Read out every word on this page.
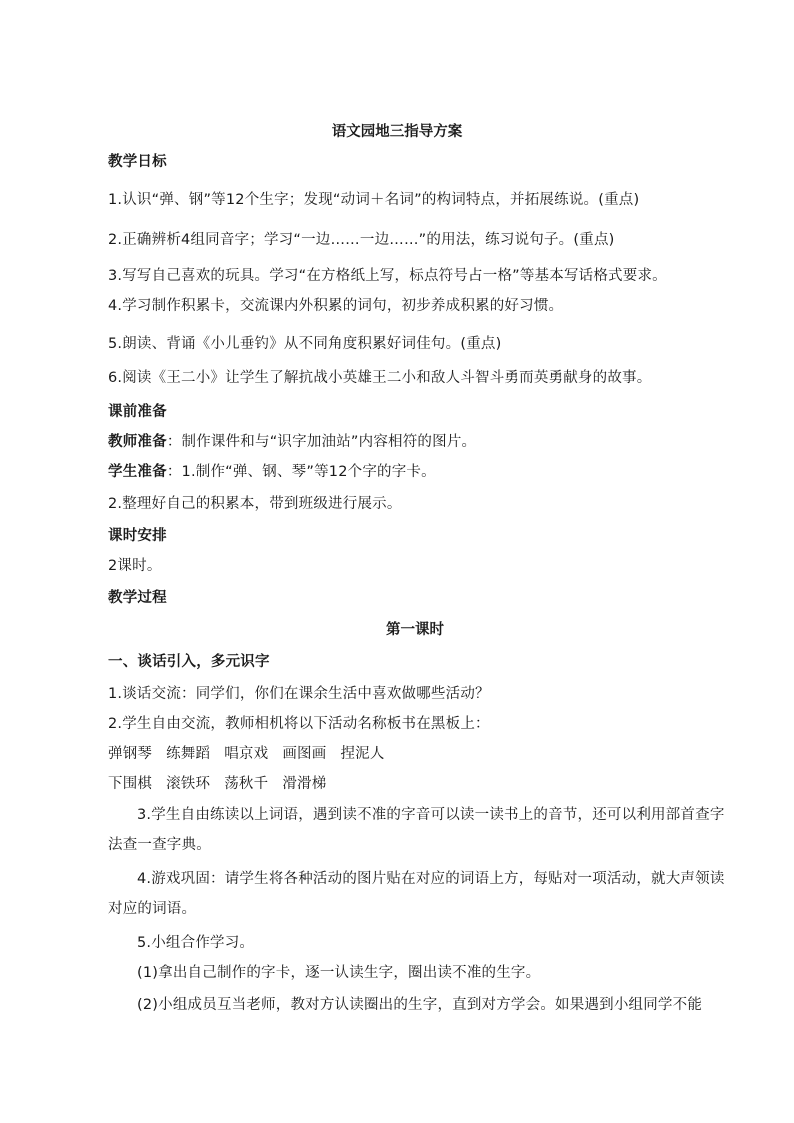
语文园地三指导方案
教学日标
1.认识“弹、钢”等12个生字；发现“动词＋名词”的构词特点，并拓展练说。(重点)
2.正确辨析4组同音字；学习“一边……一边……”的用法，练习说句子。(重点)
3.写写自己喜欢的玩具。学习“在方格纸上写，标点符号占一格”等基本写话格式要求。
4.学习制作积累卡，交流课内外积累的词句，初步养成积累的好习惯。
5.朗读、背诵《小儿垂钓》从不同角度积累好词佳句。(重点)
6.阅读《王二小》让学生了解抗战小英雄王二小和敌人斗智斗勇而英勇献身的故事。
课前准备
教师准备：制作课件和与“识字加油站”内容相符的图片。
学生准备：1.制作“弹、钢、琴”等12个字的字卡。
2.整理好自己的积累本，带到班级进行展示。
课时安排
2课时。
教学过程
第一课时
一、谈话引入，多元识字
1.谈话交流：同学们，你们在课余生活中喜欢做哪些活动？
2.学生自由交流，教师相机将以下活动名称板书在黑板上：
弹钢琴 练舞蹈 唱京戏 画图画 捏泥人
下围棋 滚铁环 荡秋千 滑滑梯
3.学生自由练读以上词语，遇到读不准的字音可以读一读书上的音节，还可以利用部首查字法查一查字典。
4.游戏巩固：请学生将各种活动的图片贴在对应的词语上方，每贴对一项活动，就大声领读对应的词语。
5.小组合作学习。
(1)拿出自己制作的字卡，逐一认读生字，圈出读不准的生字。
(2)小组成员互当老师，教对方认读圈出的生字，直到对方学会。如果遇到小组同学不能
